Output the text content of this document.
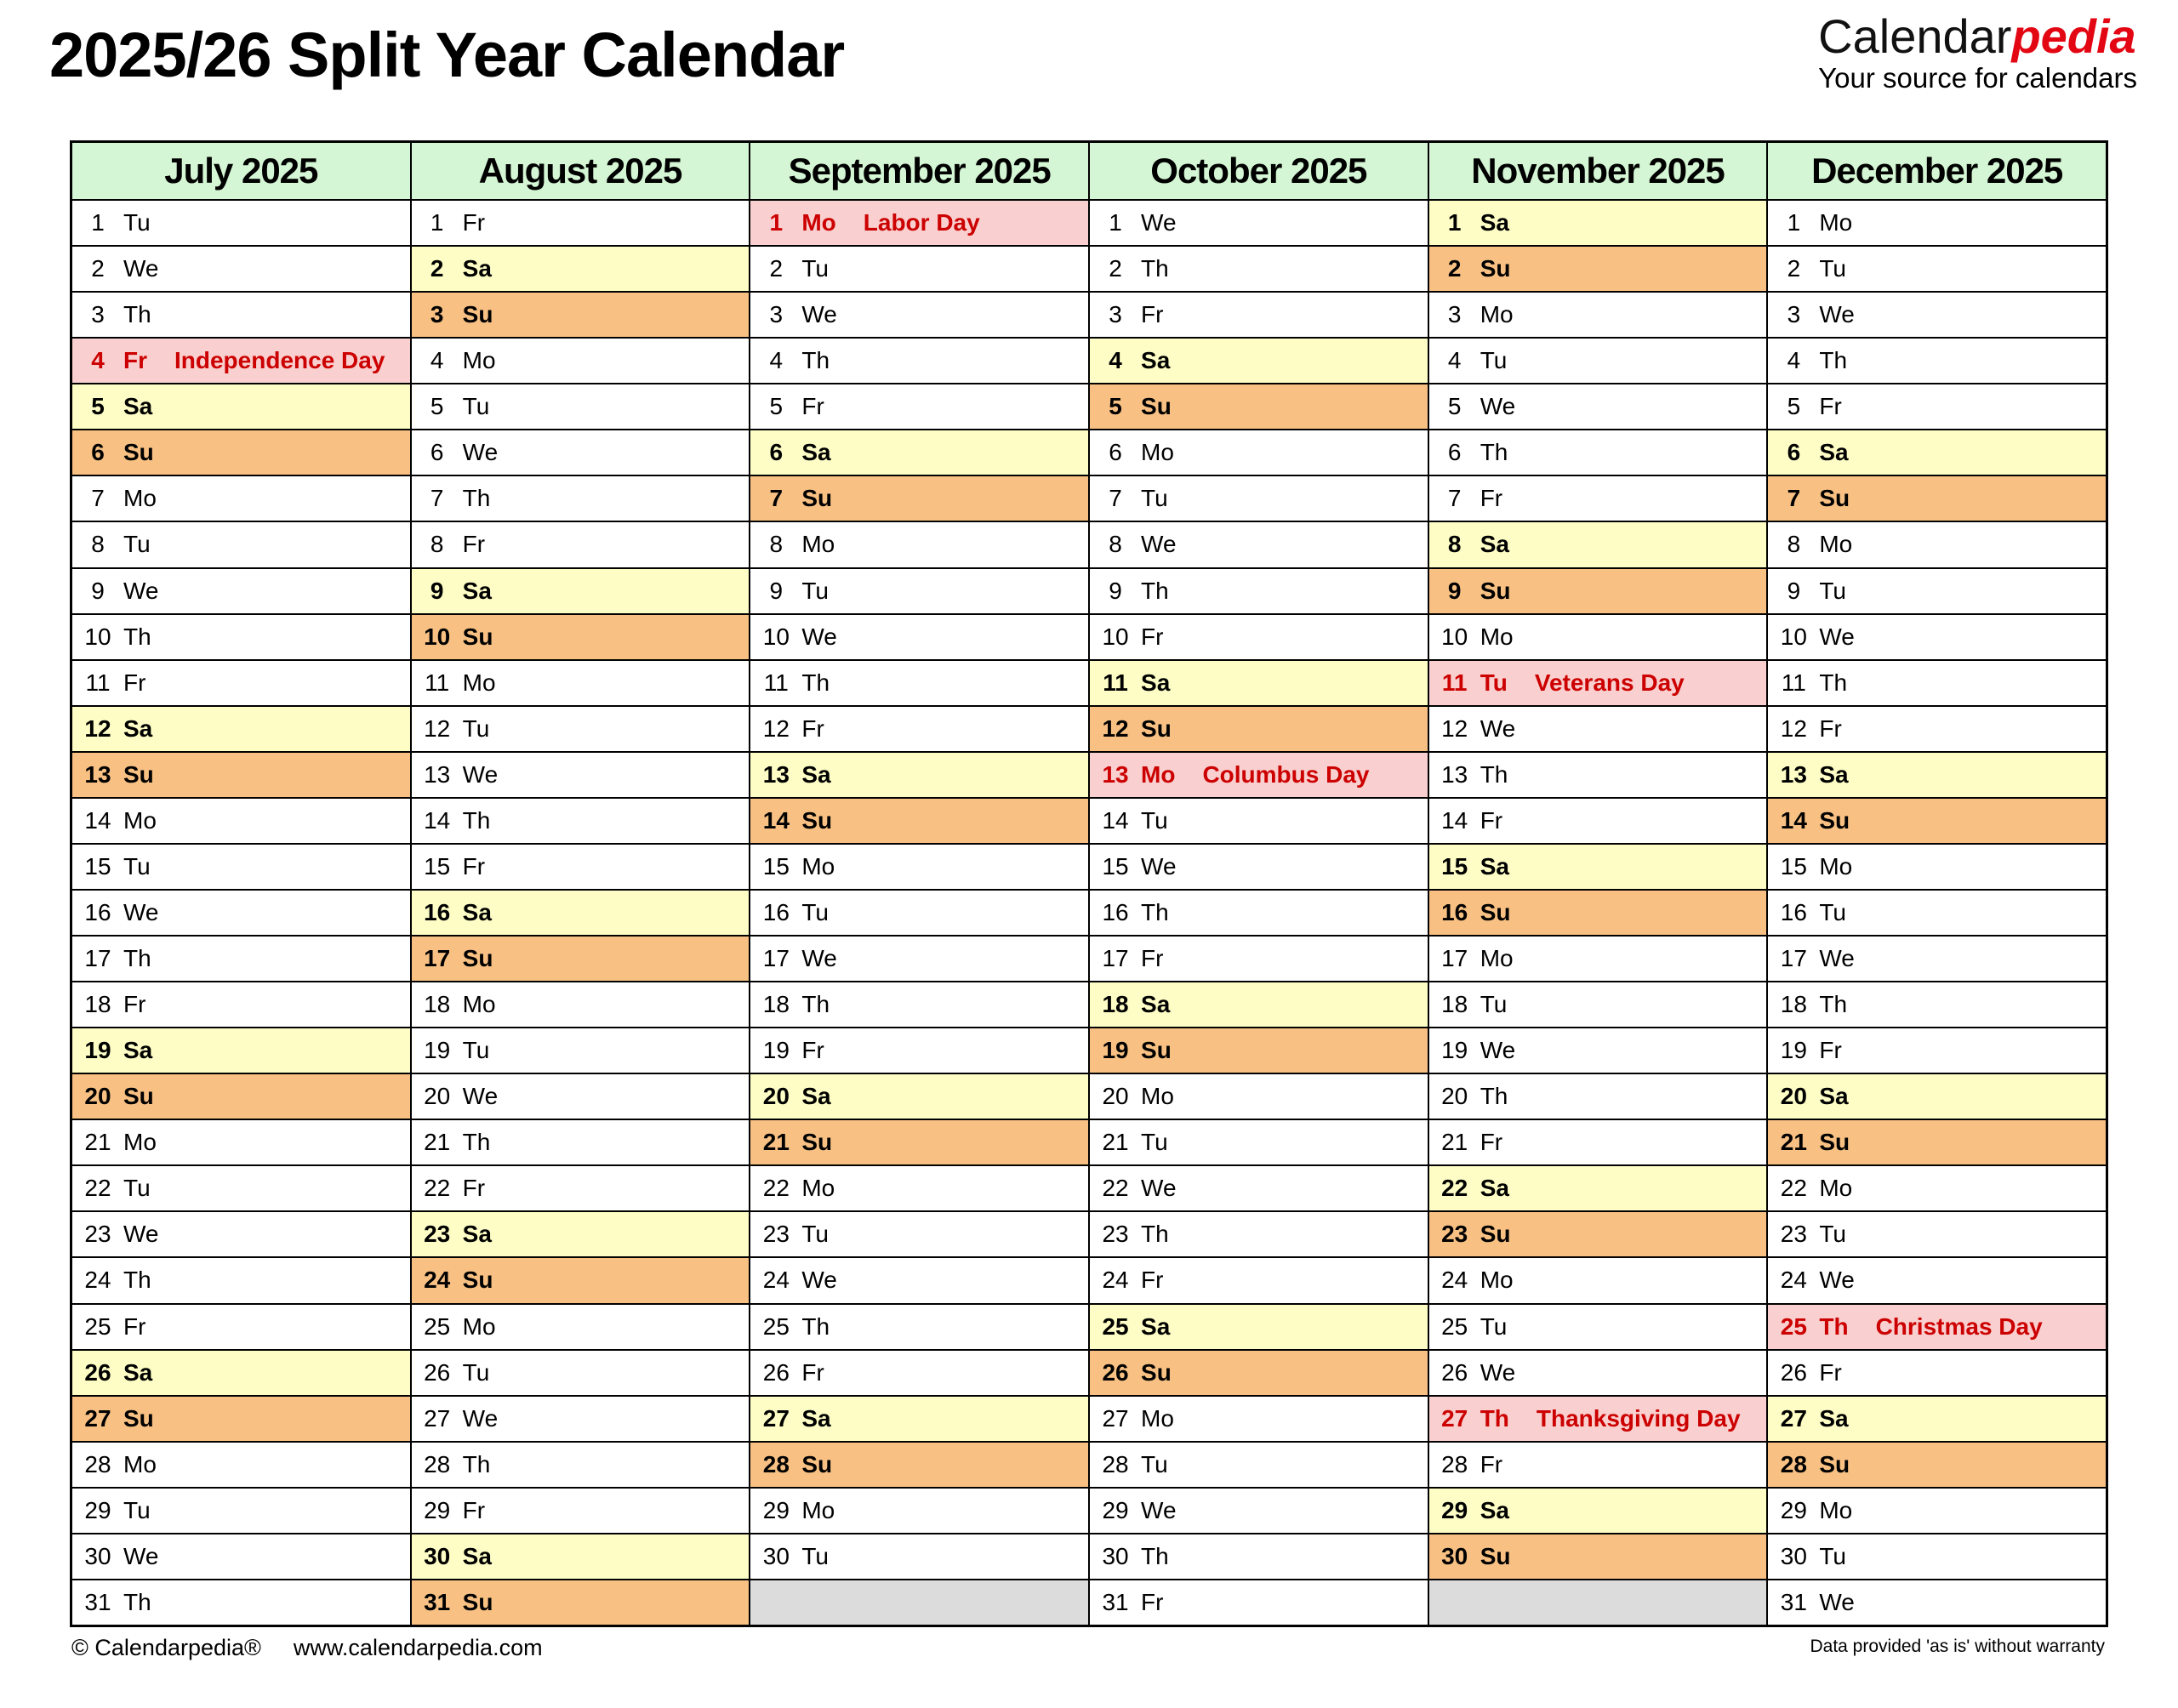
2025/26 Split Year Calendar	Calendarpedia
Your source for calendars
July 2025
1 Tu
2 We
3 Th
4 Fr Independence Day
5 Sa
6 Su
7 Mo
8 Tu
9 We
10 Th
11 Fr
12 Sa
13 Su
14 Mo
15 Tu
16 We
17 Th
18 Fr
19 Sa
20 Su
21 Mo
22 Tu
23 We
24 Th
25 Fr
26 Sa
27 Su
28 Mo
29 Tu
30 We
31 Th
August 2025
1 Fr
2 Sa
3 Su
4 Mo
5 Tu
6 We
7 Th
8 Fr
9 Sa
10 Su
11 Mo
12 Tu
13 We
14 Th
15 Fr
16 Sa
17 Su
18 Mo
19 Tu
20 We
21 Th
22 Fr
23 Sa
24 Su
25 Mo
26 Tu
27 We
28 Th
29 Fr
30 Sa
31 Su
September 2025
1 Mo Labor Day
2 Tu
3 We
4 Th
5 Fr
6 Sa
7 Su
8 Mo
9 Tu
10 We
11 Th
12 Fr
13 Sa
14 Su
15 Mo
16 Tu
17 We
18 Th
19 Fr
20 Sa
21 Su
22 Mo
23 Tu
24 We
25 Th
26 Fr
27 Sa
28 Su
29 Mo
30 Tu
October 2025
1 We
2 Th
3 Fr
4 Sa
5 Su
6 Mo
7 Tu
8 We
9 Th
10 Fr
11 Sa
12 Su
13 Mo Columbus Day
14 Tu
15 We
16 Th
17 Fr
18 Sa
19 Su
20 Mo
21 Tu
22 We
23 Th
24 Fr
25 Sa
26 Su
27 Mo
28 Tu
29 We
30 Th
31 Fr
November 2025
1 Sa
2 Su
3 Mo
4 Tu
5 We
6 Th
7 Fr
8 Sa
9 Su
10 Mo
11 Tu Veterans Day
12 We
13 Th
14 Fr
15 Sa
16 Su
17 Mo
18 Tu
19 We
20 Th
21 Fr
22 Sa
23 Su
24 Mo
25 Tu
26 We
27 Th Thanksgiving Day
28 Fr
29 Sa
30 Su
December 2025
1 Mo
2 Tu
3 We
4 Th
5 Fr
6 Sa
7 Su
8 Mo
9 Tu
10 We
11 Th
12 Fr
13 Sa
14 Su
15 Mo
16 Tu
17 We
18 Th
19 Fr
20 Sa
21 Su
22 Mo
23 Tu
24 We
25 Th Christmas Day
26 Fr
27 Sa
28 Su
29 Mo
30 Tu
31 We
© Calendarpedia® www.calendarpedia.com	Data provided 'as is' without warranty
